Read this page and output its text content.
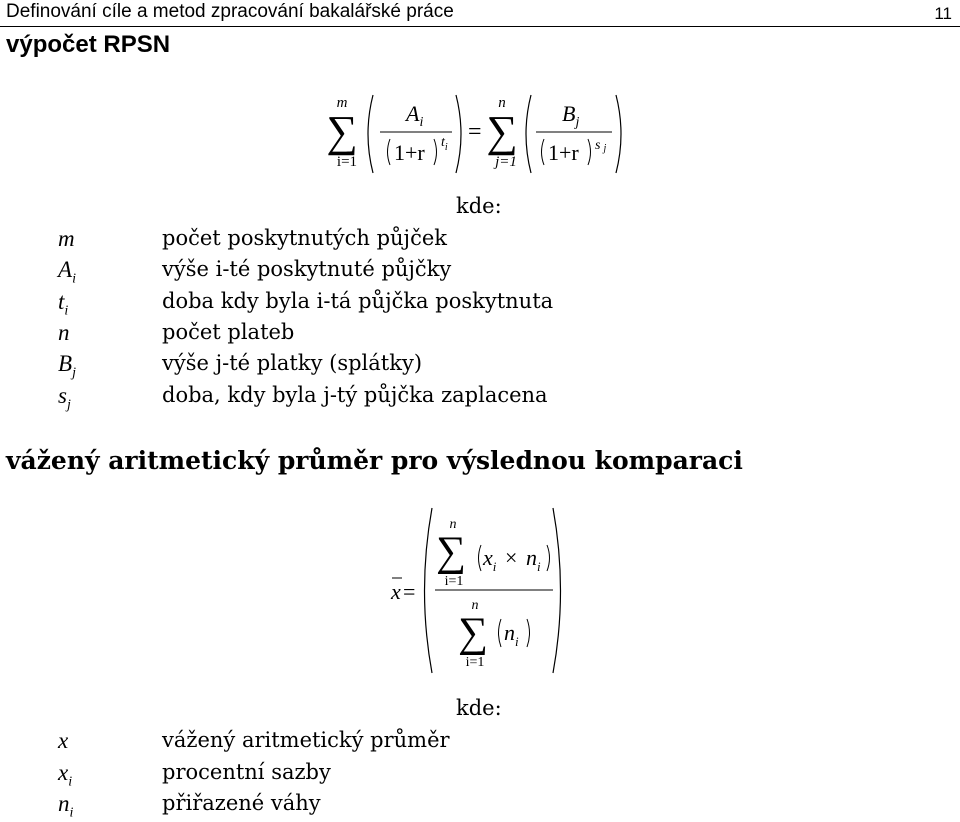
Definování cíle a metod zpracování bakalářské práce	11
výpočet RPSN
m
∑
i=1
$A_i$
1+r $t_i$
=
n
∑
j=1
$B_j$
1+r s j
kde:
m	počet poskytnutých půjček
$A_i$	výše i-té poskytnuté půjčky
$t_i$	doba kdy byla i-tá půjčka poskytnuta
n	počet plateb
$B_j$	výše j-té platky (splátky)
$s_j$	doba, kdy byla j-tý půjčka zaplacena
vážený aritmetický průměr pro výslednou komparaci
x =
n
∑
i=1
$x_i \times n_i$
n
∑
i=1
$n_i$
kde:
x	vážený aritmetický průměr
$x_i$	procentní sazby
$n_i$	přiřazené váhy
